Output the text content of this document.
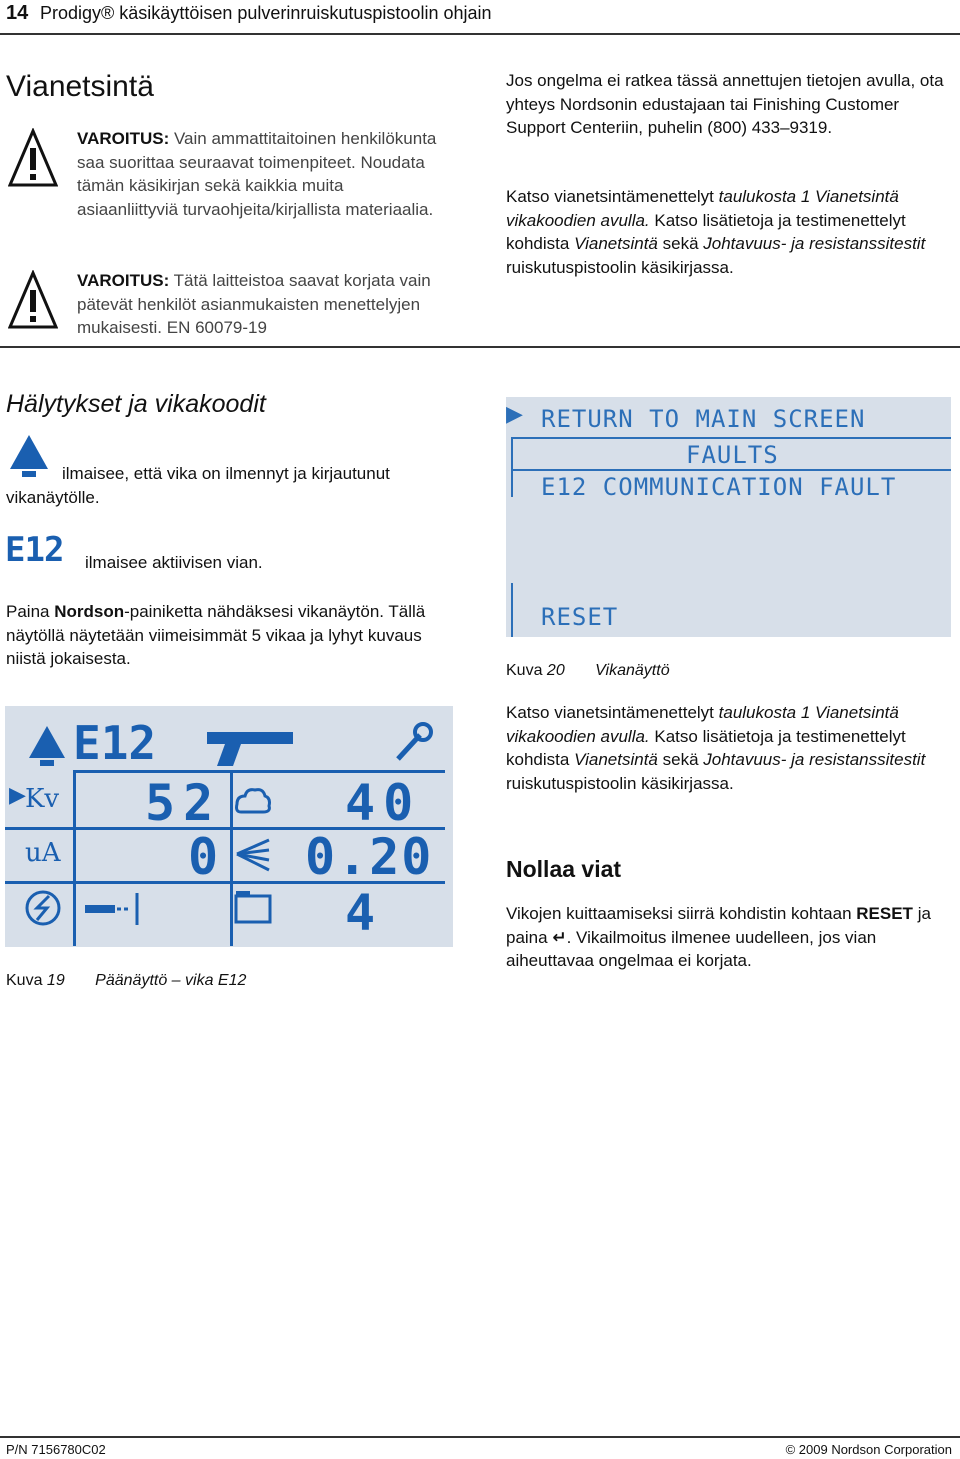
14 Prodigy® käsikäyttöisen pulverinruiskutuspistoolin ohjain
Vianetsintä
VAROITUS: Vain ammattitaitoinen henkilökunta saa suorittaa seuraavat toimenpiteet. Noudata tämän käsikirjan sekä kaikkia muita asiaanliittyviä turvaohjeita/kirjallista materiaalia.
VAROITUS: Tätä laitteistoa saavat korjata vain pätevät henkilöt asianmukaisten menettelyjen mukaisesti. EN 60079-19
Jos ongelma ei ratkea tässä annettujen tietojen avulla, ota yhteys Nordsonin edustajaan tai Finishing Customer Support Centeriin, puhelin (800) 433–9319.
Katso vianetsintämenettelyt taulukosta 1 Vianetsintä vikakoodien avulla. Katso lisätietoja ja testimenettelyt kohdista Vianetsintä sekä Johtavuus- ja resistanssitestit ruiskutuspistoolin käsikirjassa.
Hälytykset ja vikakoodit
ilmaisee, että vika on ilmennyt ja kirjautunut vikanäytölle.
E12 ilmaisee aktiivisen vian.
Paina Nordson-painiketta nähdäksesi vikanäytön. Tällä näytöllä näytetään viimeisimmät 5 vikaa ja lyhyt kuvaus niistä jokaisesta.
E12
▶ Kv
uA
52
0
40
0.20
4
Kuva 19 Päänäyttö – vika E12
▶ RETURN TO MAIN SCREEN
FAULTS
E12 COMMUNICATION FAULT
RESET
Kuva 20 Vikanäyttö
Katso vianetsintämenettelyt taulukosta 1 Vianetsintä vikakoodien avulla. Katso lisätietoja ja testimenettelyt kohdista Vianetsintä sekä Johtavuus- ja resistanssitestit ruiskutuspistoolin käsikirjassa.
Nollaa viat
Vikojen kuittaamiseksi siirrä kohdistin kohtaan RESET ja paina ↵. Vikailmoitus ilmenee uudelleen, jos vian aiheuttavaa ongelmaa ei korjata.
P/N 7156780C02	© 2009 Nordson Corporation
